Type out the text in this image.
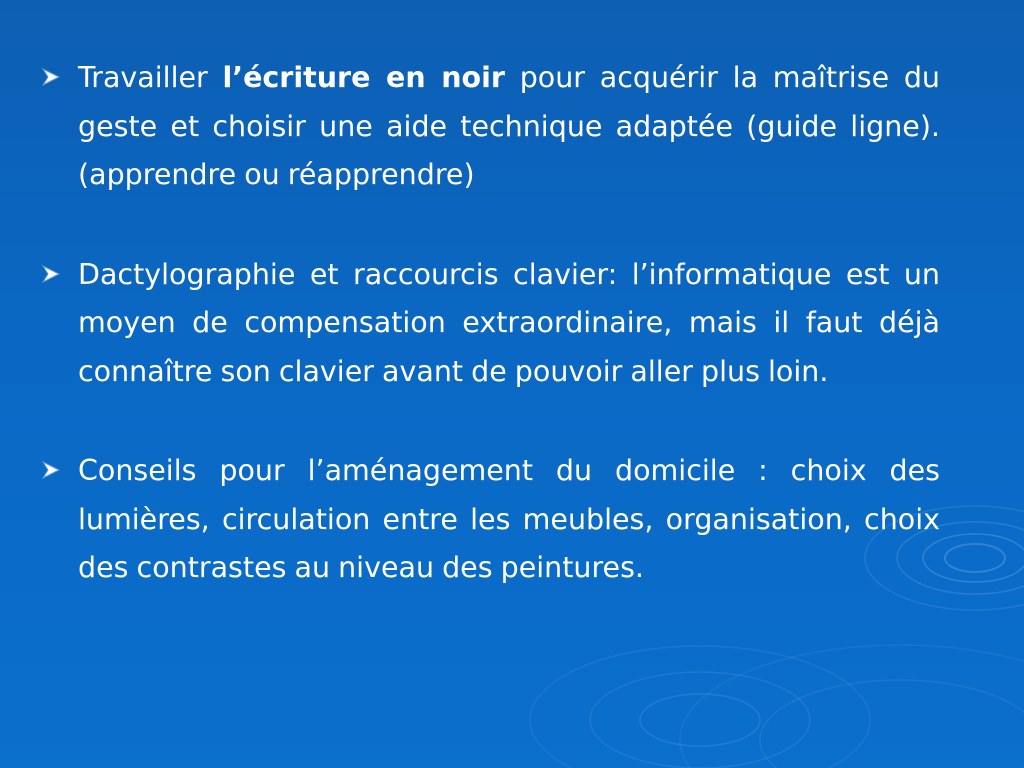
Travailler l’écriture en noir pour acquérir la maîtrise du geste et choisir une aide technique adaptée (guide ligne).(apprendre ou réapprendre)
Dactylographie et raccourcis clavier: l’informatique est un moyen de compensation extraordinaire, mais il faut déjà connaître son clavier avant de pouvoir aller plus loin.
Conseils pour l’aménagement du domicile : choix des lumières, circulation entre les meubles, organisation, choix des contrastes au niveau des peintures.
